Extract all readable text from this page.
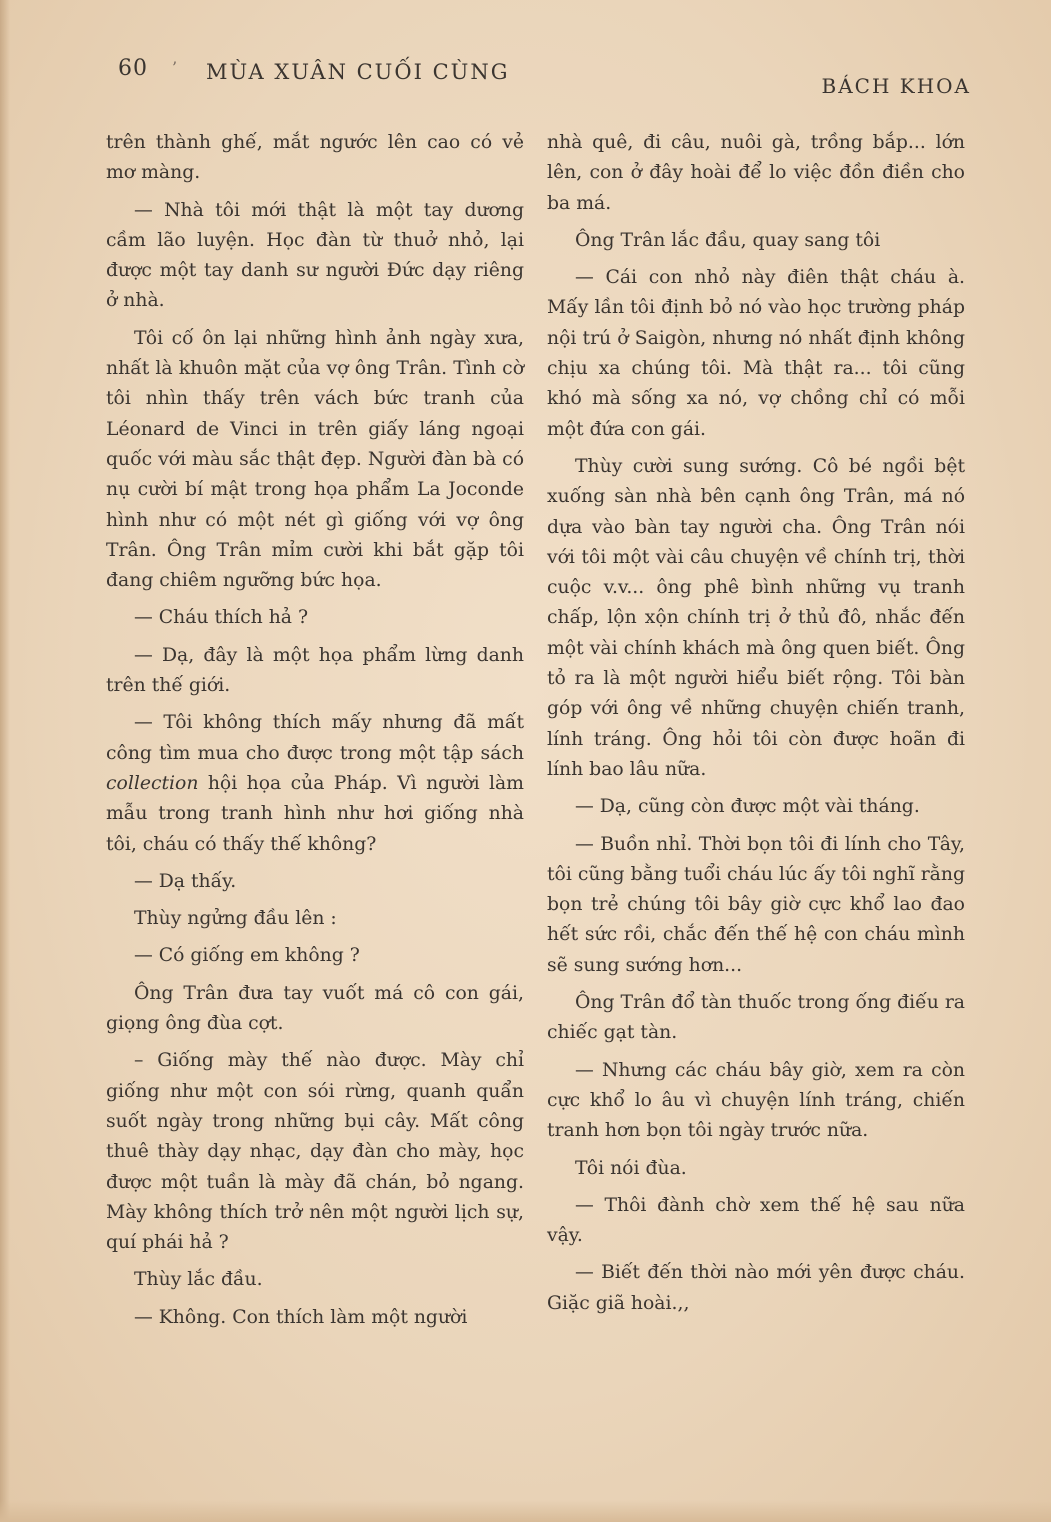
60 ’ MÙA XUÂN CUỐI CÙNG
BÁCH KHOA

trên thành ghế, mắt ngước lên cao có vẻ mơ màng.

— Nhà tôi mới thật là một tay dương cầm lão luyện. Học đàn từ thuở nhỏ, lại được một tay danh sư người Đức dạy riêng ở nhà.

Tôi cố ôn lại những hình ảnh ngày xưa, nhất là khuôn mặt của vợ ông Trân. Tình cờ tôi nhìn thấy trên vách bức tranh của Léonard de Vinci in trên giấy láng ngoại quốc với màu sắc thật đẹp. Người đàn bà có nụ cười bí mật trong họa phẩm La Joconde hình như có một nét gì giống với vợ ông Trân. Ông Trân mỉm cười khi bắt gặp tôi đang chiêm ngưỡng bức họa.

— Cháu thích hả ?

— Dạ, đây là một họa phẩm lừng danh trên thế giới.

— Tôi không thích mấy nhưng đã mất công tìm mua cho được trong một tập sách collection hội họa của Pháp. Vì người làm mẫu trong tranh hình như hơi giống nhà tôi, cháu có thấy thế không?

— Dạ thấy.

Thùy ngửng đầu lên :

— Có giống em không ?

Ông Trân đưa tay vuốt má cô con gái, giọng ông đùa cợt.

– Giống mày thế nào được. Mày chỉ giống như một con sói rừng, quanh quẩn suốt ngày trong những bụi cây. Mất công thuê thày dạy nhạc, dạy đàn cho mày, học được một tuần là mày đã chán, bỏ ngang. Mày không thích trở nên một người lịch sự, quí phái hả ?

Thùy lắc đầu.

— Không. Con thích làm một người

nhà quê, đi câu, nuôi gà, trồng bắp... lớn lên, con ở đây hoài để lo việc đồn điền cho ba má.

Ông Trân lắc đầu, quay sang tôi

— Cái con nhỏ này điên thật cháu à. Mấy lần tôi định bỏ nó vào học trường pháp nội trú ở Saigòn, nhưng nó nhất định không chịu xa chúng tôi. Mà thật ra... tôi cũng khó mà sống xa nó, vợ chồng chỉ có mỗi một đứa con gái.

Thùy cười sung sướng. Cô bé ngồi bệt xuống sàn nhà bên cạnh ông Trân, má nó dựa vào bàn tay người cha. Ông Trân nói với tôi một vài câu chuyện về chính trị, thời cuộc v.v... ông phê bình những vụ tranh chấp, lộn xộn chính trị ở thủ đô, nhắc đến một vài chính khách mà ông quen biết. Ông tỏ ra là một người hiểu biết rộng. Tôi bàn góp với ông về những chuyện chiến tranh, lính tráng. Ông hỏi tôi còn được hoãn đi lính bao lâu nữa.

— Dạ, cũng còn được một vài tháng.

— Buồn nhỉ. Thời bọn tôi đi lính cho Tây, tôi cũng bằng tuổi cháu lúc ấy tôi nghĩ rằng bọn trẻ chúng tôi bây giờ cực khổ lao đao hết sức rồi, chắc đến thế hệ con cháu mình sẽ sung sướng hơn...

Ông Trân đổ tàn thuốc trong ống điếu ra chiếc gạt tàn.

— Nhưng các cháu bây giờ, xem ra còn cực khổ lo âu vì chuyện lính tráng, chiến tranh hơn bọn tôi ngày trước nữa.

Tôi nói đùa.

— Thôi đành chờ xem thế hệ sau nữa vậy.

— Biết đến thời nào mới yên được cháu. Giặc giã hoài.,,
